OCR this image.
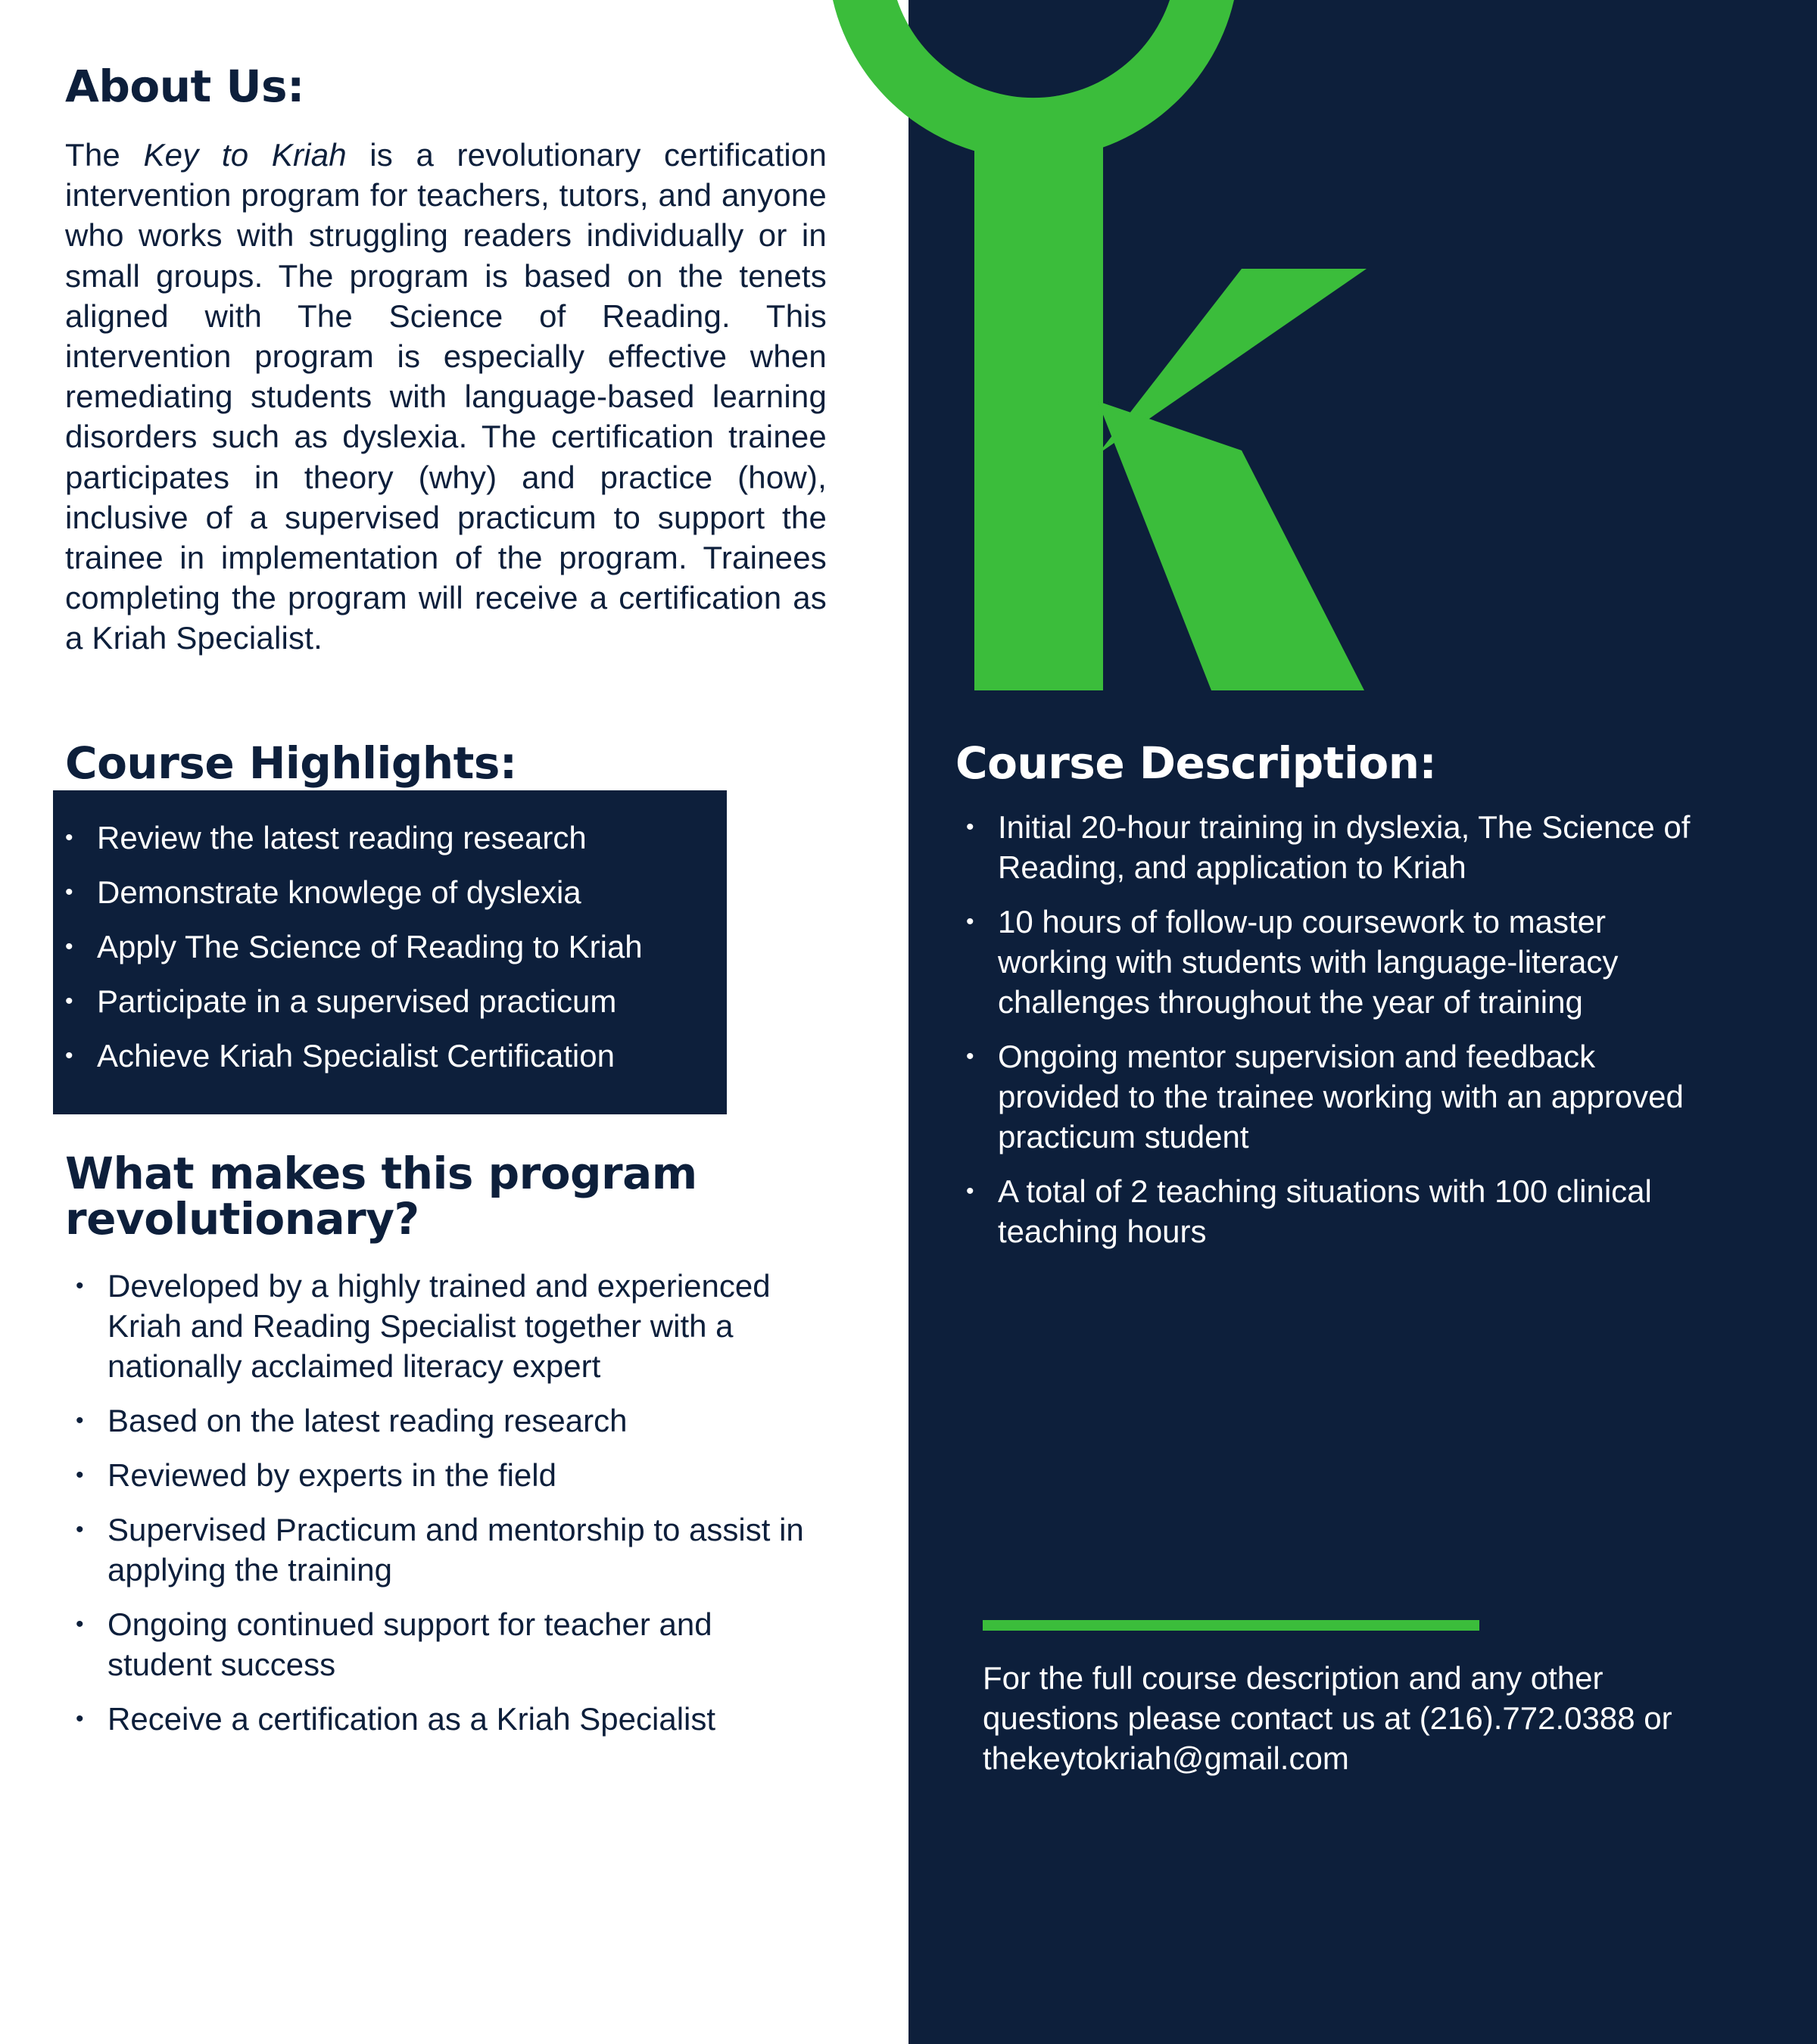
About Us:
The Key to Kriah is a revolutionary certification intervention program for teachers, tutors, and anyone who works with struggling readers individually or in small groups. The program is based on the tenets aligned with The Science of Reading. This intervention program is especially effective when remediating students with language-based learning disorders such as dyslexia. The certification trainee participates in theory (why) and practice (how), inclusive of a supervised practicum to support the trainee in implementation of the program. Trainees completing the program will receive a certification as a Kriah Specialist.
Course Highlights:
• Review the latest reading research
• Demonstrate knowlege of dyslexia
• Apply The Science of Reading to Kriah
• Participate in a supervised practicum
• Achieve Kriah Specialist Certification
What makes this program revolutionary?
• Developed by a highly trained and experienced Kriah and Reading Specialist together with a nationally acclaimed literacy expert
• Based on the latest reading research
• Reviewed by experts in the field
• Supervised Practicum and mentorship to assist in applying the training
• Ongoing continued support for teacher and student success
• Receive a certification as a Kriah Specialist
Course Description:
• Initial 20-hour training in dyslexia, The Science of Reading, and application to Kriah
• 10 hours of follow-up coursework to master working with students with language-literacy challenges throughout the year of training
• Ongoing mentor supervision and feedback provided to the trainee working with an approved practicum student
• A total of 2 teaching situations with 100 clinical teaching hours
For the full course description and any other
questions please contact us at (216).772.0388 or
thekeytokriah@gmail.com
